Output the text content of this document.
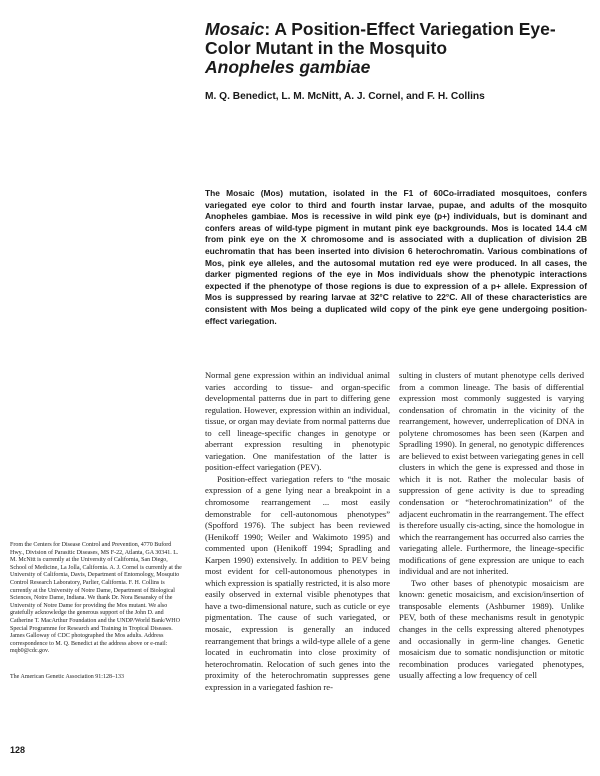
Mosaic: A Position-Effect Variegation Eye-Color Mutant in the Mosquito
Anopheles gambiae
M. Q. Benedict, L. M. McNitt, A. J. Cornel, and F. H. Collins

The Mosaic (Mos) mutation, isolated in the F1 of 60Co-irradiated mosquitoes, confers variegated eye color to third and fourth instar larvae, pupae, and adults of the mosquito Anopheles gambiae. Mos is recessive in wild pink eye (p+) individuals, but is dominant and confers areas of wild-type pigment in mutant pink eye backgrounds. Mos is located 14.4 cM from pink eye on the X chromosome and is associated with a duplication of division 2B euchromatin that has been inserted into division 6 heterochromatin. Various combinations of Mos, pink eye alleles, and the autosomal mutation red eye were produced. In all cases, the darker pigmented regions of the eye in Mos individuals show the phenotypic interactions expected if the phenotype of those regions is due to expression of a p+ allele. Expression of Mos is suppressed by rearing larvae at 32°C relative to 22°C. All of these characteristics are consistent with Mos being a duplicated wild copy of the pink eye gene undergoing position-effect variegation.

Normal gene expression within an individual animal varies according to tissue- and organ-specific developmental patterns due in part to differing gene regulation. However, expression within an individual, tissue, or organ may deviate from normal patterns due to cell lineage-specific changes in genotype or aberrant expression resulting in phenotypic variegation. One manifestation of the latter is position-effect variegation (PEV).

Position-effect variegation refers to “the mosaic expression of a gene lying near a breakpoint in a chromosome rearrangement ... most easily demonstrable for cell-autonomous phenotypes” (Spofford 1976). The subject has been reviewed (Henikoff 1990; Weiler and Wakimoto 1995) and commented upon (Henikoff 1994; Spradling and Karpen 1990) extensively. In addition to PEV being most evident for cell-autonomous phenotypes in which expression is spatially restricted, it is also more easily observed in external visible phenotypes that have a two-dimensional nature, such as cuticle or eye pigmentation. The cause of such variegated, or mosaic, expression is generally an induced rearrangement that brings a wild-type allele of a gene located in euchromatin into close proximity of heterochromatin. Relocation of such genes into the proximity of the heterochromatin suppresses gene expression in a variegated fashion re-

sulting in clusters of mutant phenotype cells derived from a common lineage. The basis of differential expression most commonly suggested is varying condensation of chromatin in the vicinity of the rearrangement, however, underreplication of DNA in polytene chromosomes has been seen (Karpen and Spradling 1990). In general, no genotypic differences are believed to exist between variegating genes in cell clusters in which the gene is expressed and those in which it is not. Rather the molecular basis of suppression of gene activity is due to spreading condensation or “heterochromatinization” of the adjacent euchromatin in the rearrangement. The effect is therefore usually cis-acting, since the homologue in which the rearrangement has occurred also carries the variegating allele. Furthermore, the lineage-specific modifications of gene expression are unique to each individual and are not inherited.

Two other bases of phenotypic mosaicism are known: genetic mosaicism, and excision/insertion of transposable elements (Ashburner 1989). Unlike PEV, both of these mechanisms result in genotypic changes in the cells expressing altered phenotypes and occasionally in germ-line changes. Genetic mosaicism due to somatic nondisjunction or mitotic recombination produces variegated phenotypes, usually affecting a low frequency of cell

From the Centers for Disease Control and Prevention, 4770 Buford Hwy., Division of Parasitic Diseases, MS F-22, Atlanta, GA 30341. L. M. McNitt is currently at the University of California, San Diego, School of Medicine, La Jolla, California. A. J. Cornel is currently at the University of California, Davis, Department of Entomology, Mosquito Control Research Laboratory, Parlier, California. F. H. Collins is currently at the University of Notre Dame, Department of Biological Sciences, Notre Dame, Indiana. We thank Dr. Nora Besansky of the University of Notre Dame for providing the Mos mutant. We also gratefully acknowledge the generous support of the John D. and Catherine T. MacArthur Foundation and the UNDP/World Bank/WHO Special Programme for Research and Training in Tropical Diseases. James Galloway of CDC photographed the Mos adults. Address correspondence to M. Q. Benedict at the address above or e-mail: mqb0@cdc.gov.

The American Genetic Association 91:128–133

128
